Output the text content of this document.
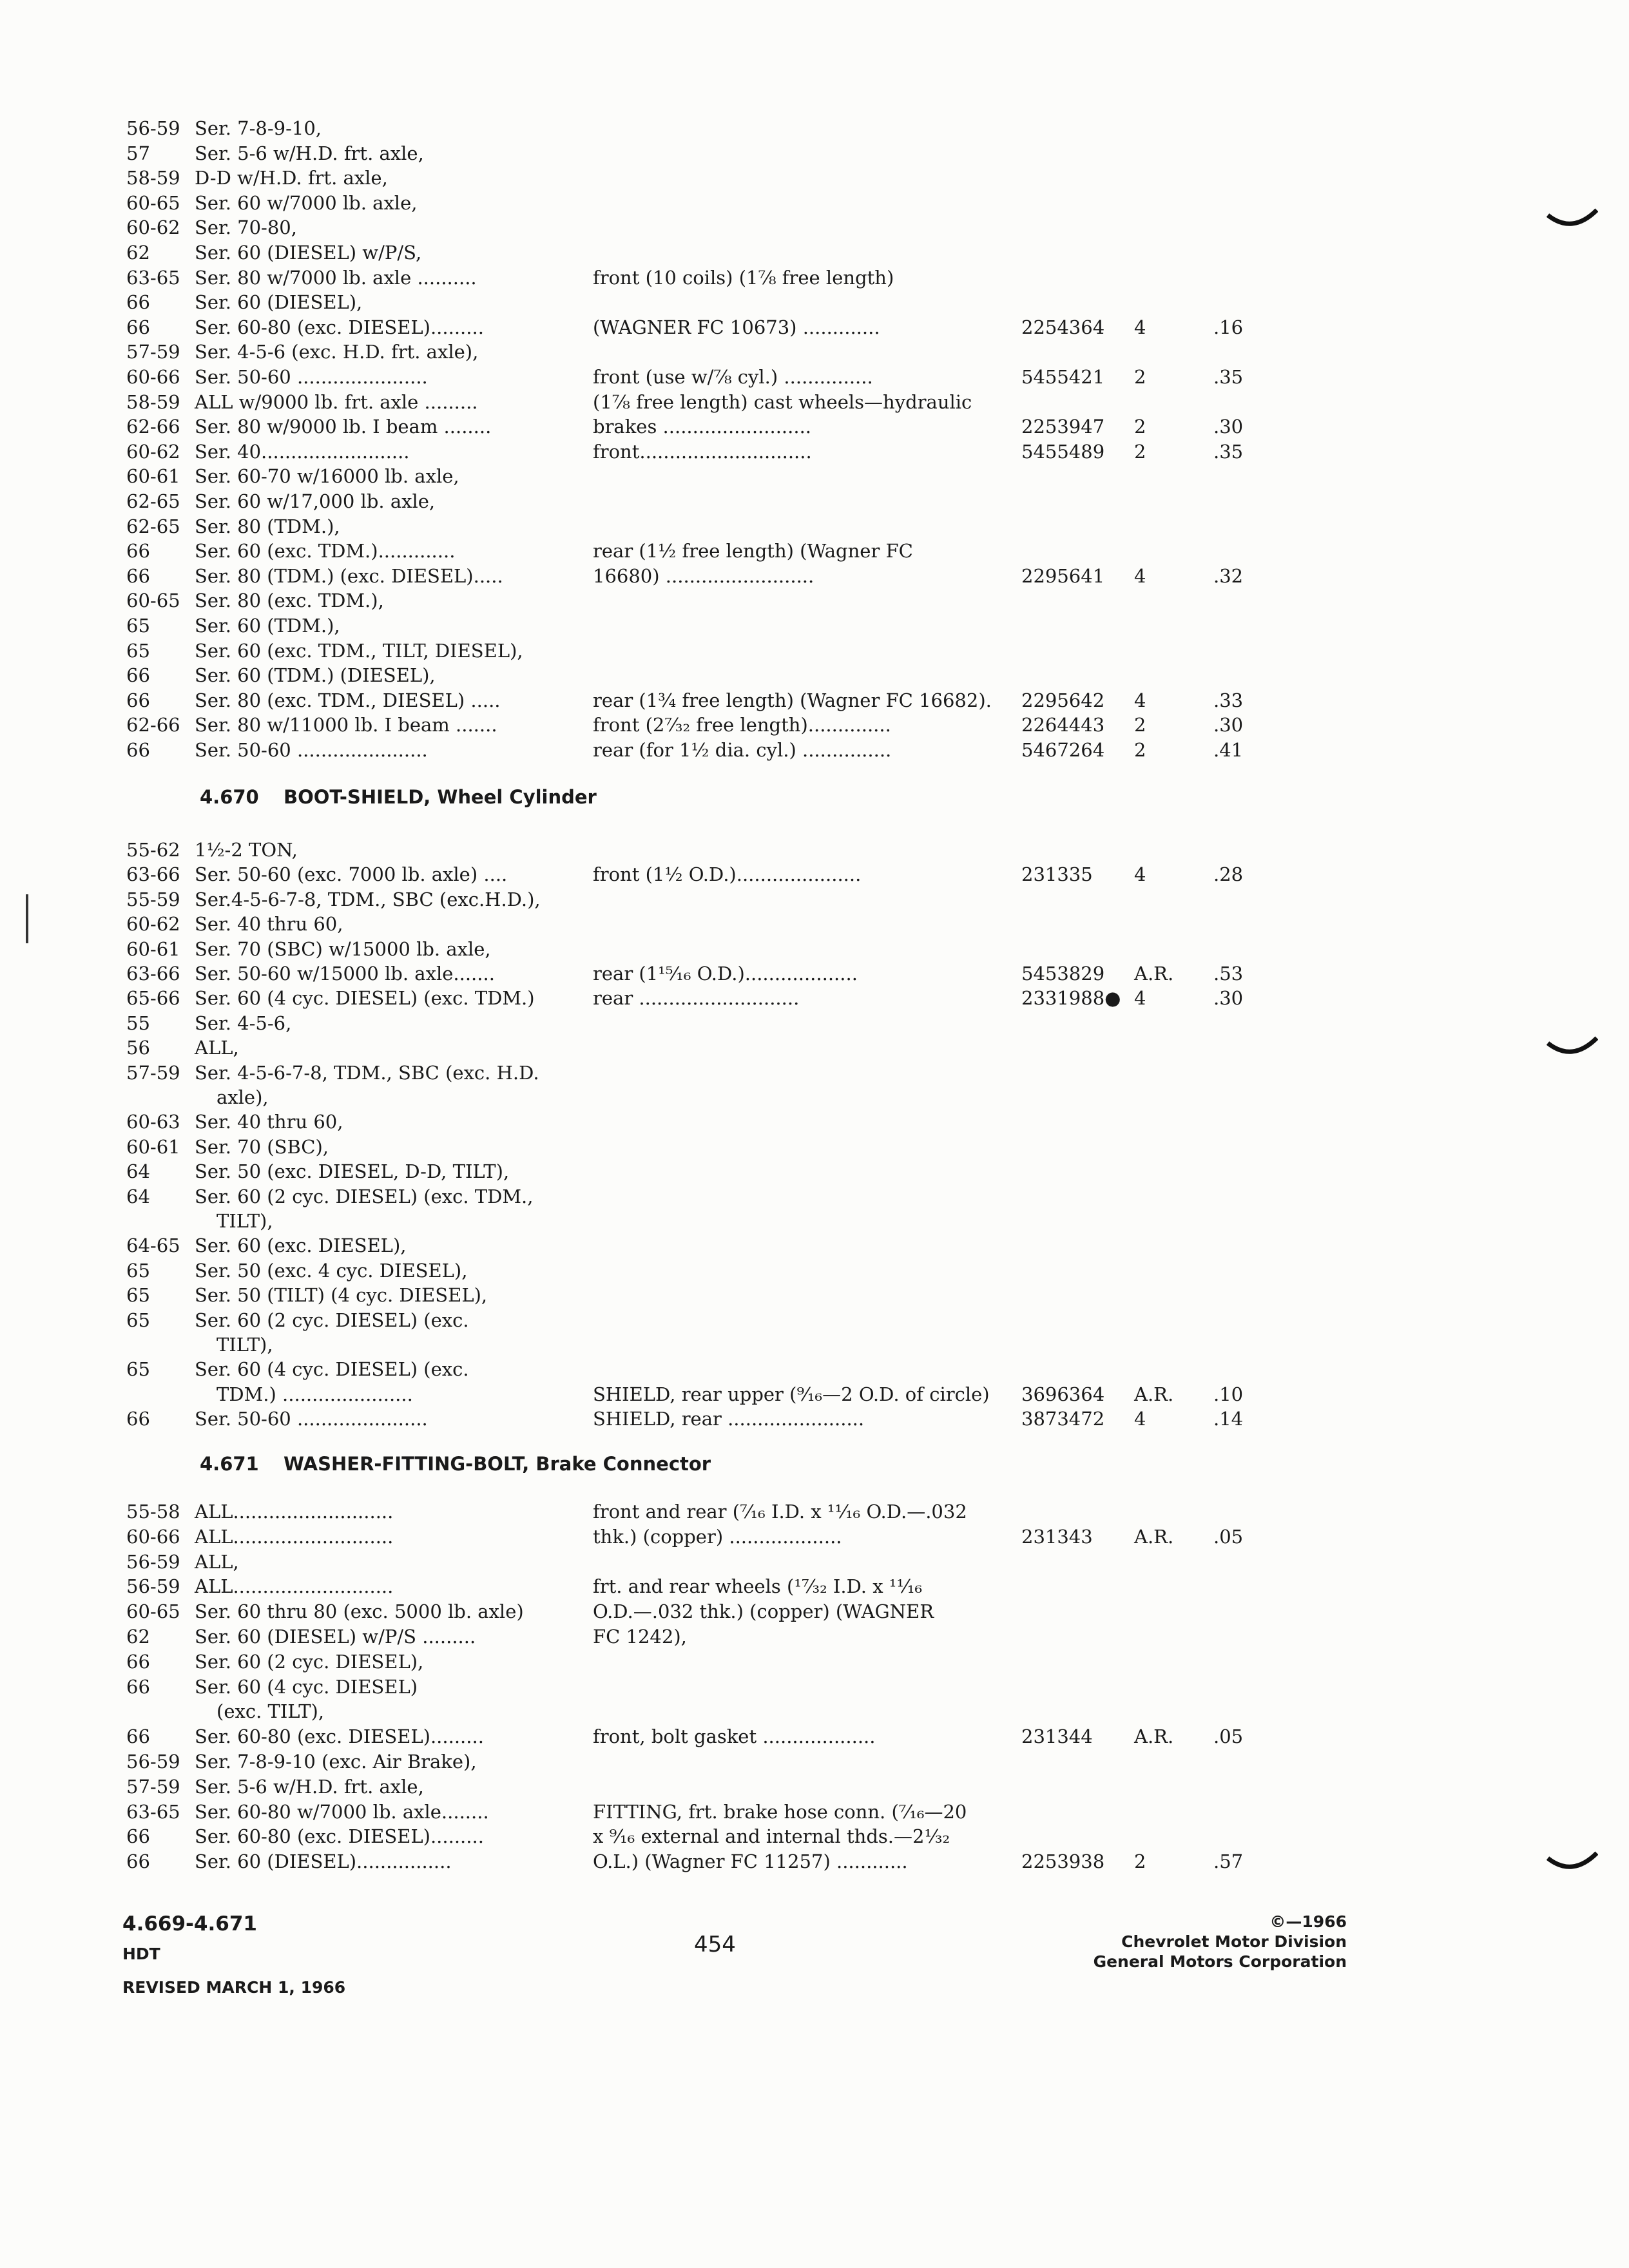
56-59 Ser. 7-8-9-10,
57 Ser. 5-6 w/H.D. frt. axle,
58-59 D-D w/H.D. frt. axle,
60-65 Ser. 60 w/7000 lb. axle,
60-62 Ser. 70-80,
62 Ser. 60 (DIESEL) w/P/S,
63-65 Ser. 80 w/7000 lb. axle ..........	front (10 coils) (1⅞ free length)
66 Ser. 60 (DIESEL),
66 Ser. 60-80 (exc. DIESEL).........	(WAGNER FC 10673) .............	2254364 4	.16
57-59 Ser. 4-5-6 (exc. H.D. frt. axle),
60-66 Ser. 50-60 ......................	front (use w/⅞ cyl.) ...............	5455421 2	.35
58-59 ALL w/9000 lb. frt. axle .........	(1⅞ free length) cast wheels—hydraulic
62-66 Ser. 80 w/9000 lb. I beam ........	brakes .........................	2253947 2	.30
60-62 Ser. 40.........................	front.............................	5455489 2	.35
60-61 Ser. 60-70 w/16000 lb. axle,
62-65 Ser. 60 w/17,000 lb. axle,
62-65 Ser. 80 (TDM.),
66 Ser. 60 (exc. TDM.).............	rear (1½ free length) (Wagner FC
66 Ser. 80 (TDM.) (exc. DIESEL).....	16680) .........................	2295641 4	.32
60-65 Ser. 80 (exc. TDM.),
65 Ser. 60 (TDM.),
65 Ser. 60 (exc. TDM., TILT, DIESEL),
66 Ser. 60 (TDM.) (DIESEL),
66 Ser. 80 (exc. TDM., DIESEL) .....	rear (1¾ free length) (Wagner FC 16682). 2295642 4	.33
62-66 Ser. 80 w/11000 lb. I beam .......	front (2⁷⁄₃₂ free length)..............	2264443 2	.30
66 Ser. 50-60 ......................	rear (for 1½ dia. cyl.) ...............	5467264 2	.41
4.670 BOOT-SHIELD, Wheel Cylinder
55-62 1½-2 TON,
63-66 Ser. 50-60 (exc. 7000 lb. axle) ....	front (1½ O.D.).....................	231335 4	.28
55-59 Ser.4-5-6-7-8, TDM., SBC (exc.H.D.),
60-62 Ser. 40 thru 60,
60-61 Ser. 70 (SBC) w/15000 lb. axle,
63-66 Ser. 50-60 w/15000 lb. axle.......	rear (1¹⁵⁄₁₆ O.D.)...................	5453829 A.R. .53
65-66 Ser. 60 (4 cyc. DIESEL) (exc. TDM.)	rear ...........................	2331988● 4	.30
55 Ser. 4-5-6,
56 ALL,
57-59 Ser. 4-5-6-7-8, TDM., SBC (exc. H.D.
axle),
60-63 Ser. 40 thru 60,
60-61 Ser. 70 (SBC),
64 Ser. 50 (exc. DIESEL, D-D, TILT),
64 Ser. 60 (2 cyc. DIESEL) (exc. TDM.,
TILT),
64-65 Ser. 60 (exc. DIESEL),
65 Ser. 50 (exc. 4 cyc. DIESEL),
65 Ser. 50 (TILT) (4 cyc. DIESEL),
65 Ser. 60 (2 cyc. DIESEL) (exc.
TILT),
65 Ser. 60 (4 cyc. DIESEL) (exc.
TDM.) ......................	SHIELD, rear upper (⁹⁄₁₆—2 O.D. of circle) 3696364 A.R. .10
66 Ser. 50-60 ......................	SHIELD, rear .......................	3873472 4	.14
4.671 WASHER-FITTING-BOLT, Brake Connector
55-58 ALL...........................	front and rear (⁷⁄₁₆ I.D. x ¹¹⁄₁₆ O.D.—.032
60-66 ALL...........................	thk.) (copper) ...................	231343 A.R. .05
56-59 ALL,
56-59 ALL...........................	frt. and rear wheels (¹⁷⁄₃₂ I.D. x ¹¹⁄₁₆
60-65 Ser. 60 thru 80 (exc. 5000 lb. axle)	O.D.—.032 thk.) (copper) (WAGNER
62 Ser. 60 (DIESEL) w/P/S .........	FC 1242),
66 Ser. 60 (2 cyc. DIESEL),
66 Ser. 60 (4 cyc. DIESEL)
(exc. TILT),
66 Ser. 60-80 (exc. DIESEL).........	front, bolt gasket ...................	231344 A.R. .05
56-59 Ser. 7-8-9-10 (exc. Air Brake),
57-59 Ser. 5-6 w/H.D. frt. axle,
63-65 Ser. 60-80 w/7000 lb. axle........	FITTING, frt. brake hose conn. (⁷⁄₁₆—20
66 Ser. 60-80 (exc. DIESEL).........	x ⁹⁄₁₆ external and internal thds.—2¹⁄₃₂
66 Ser. 60 (DIESEL)................	O.L.) (Wagner FC 11257) ............	2253938 2	.57
4.669-4.671
HDT
REVISED MARCH 1, 1966
454
©—1966
Chevrolet Motor Division
General Motors Corporation
